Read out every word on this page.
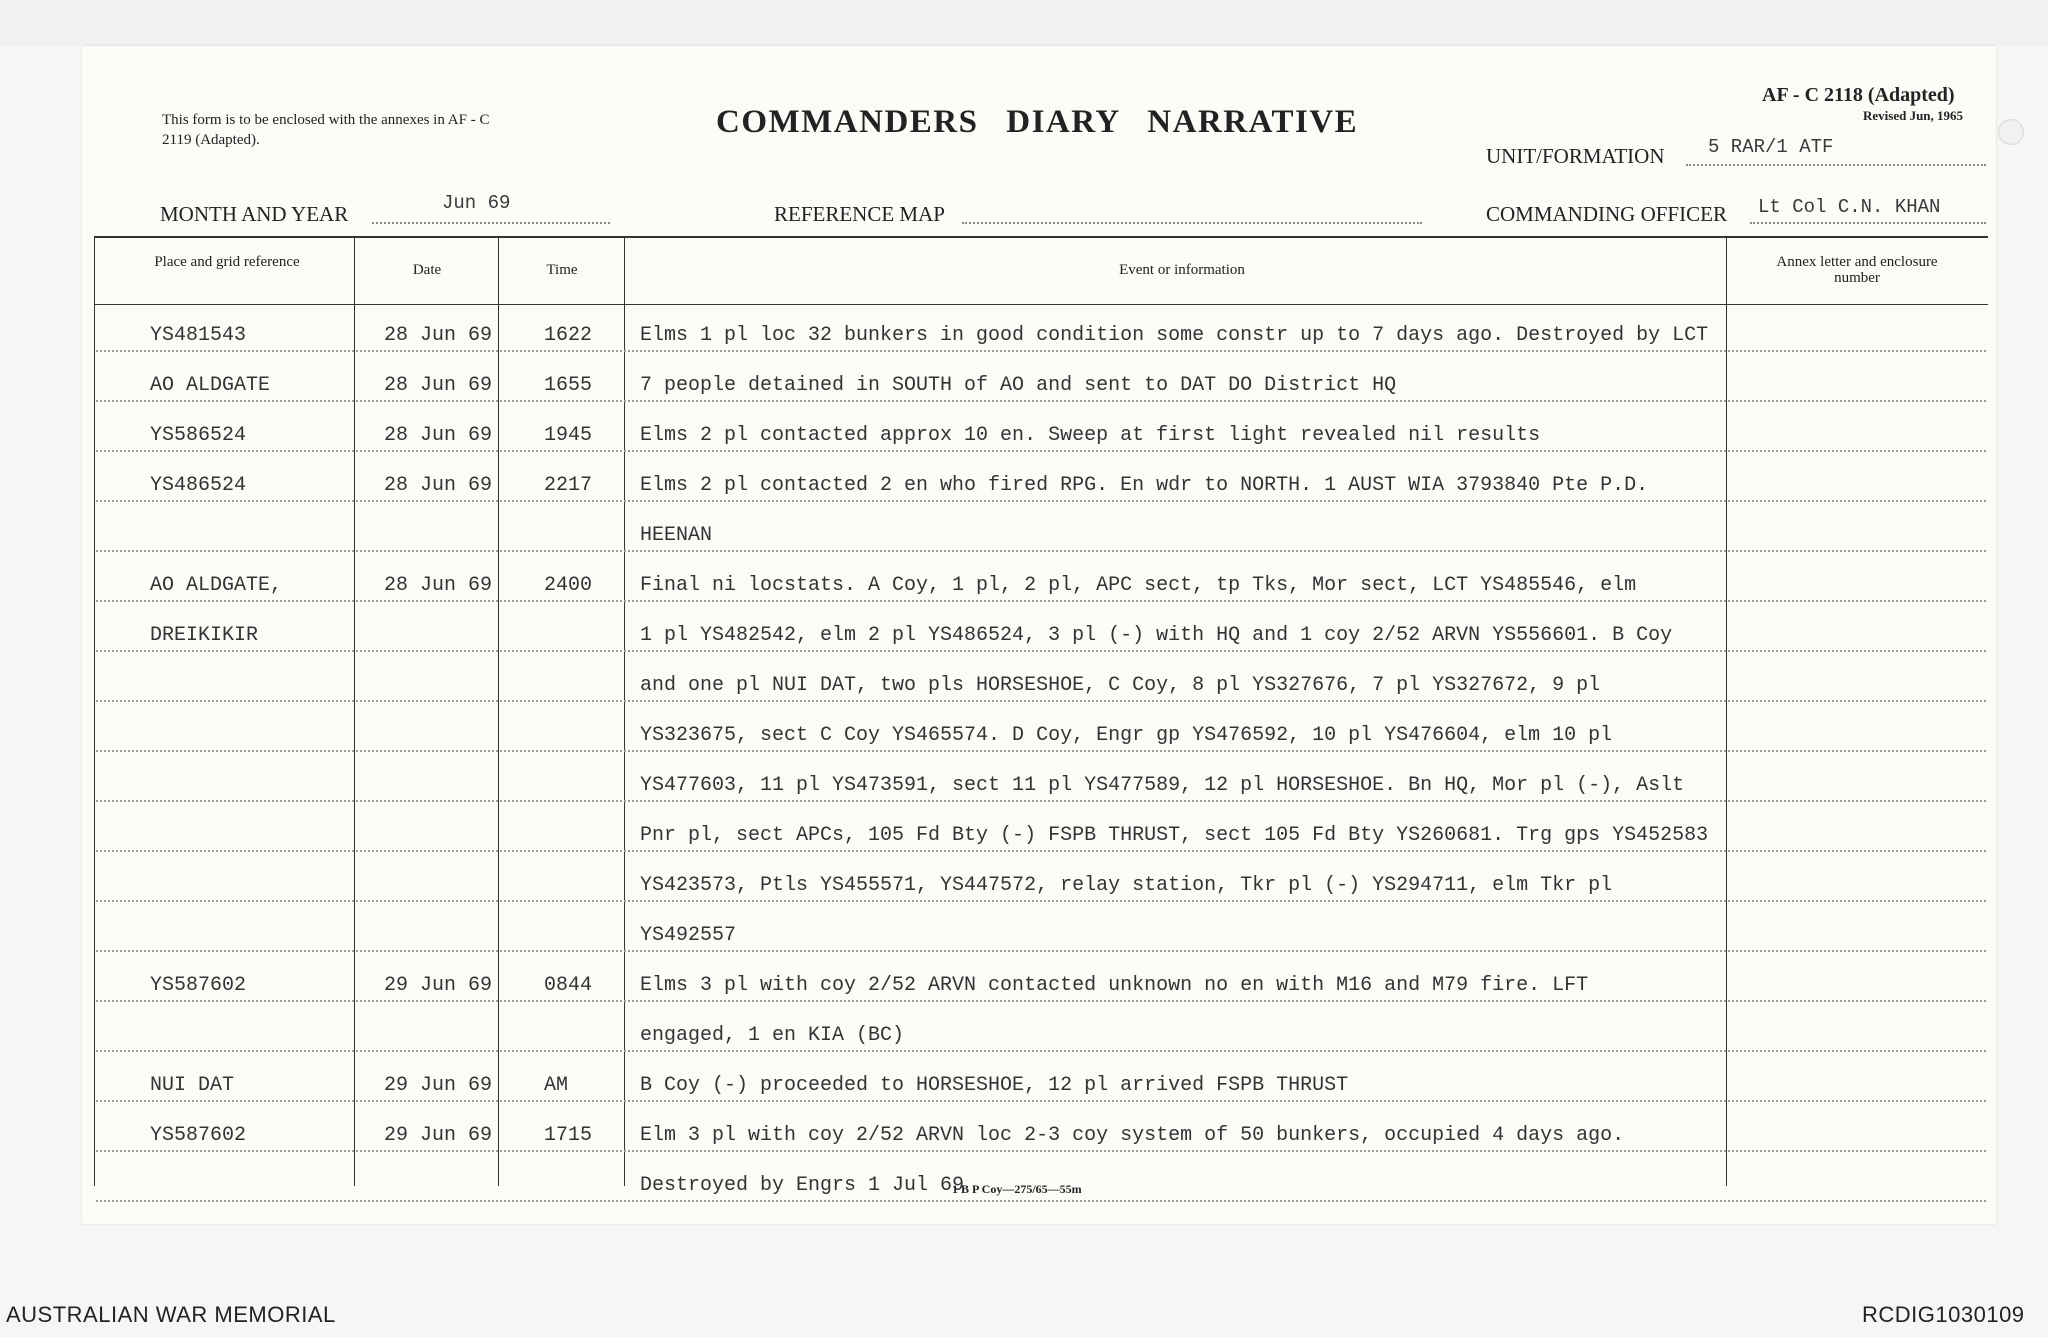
This form is to be enclosed with the annexes in AF - C 2119 (Adapted).	COMMANDERS DIARY NARRATIVE
AF - C 2118 (Adapted)
Revised Jun, 1965
UNIT/FORMATION 5 RAR/1 ATF
MONTH AND YEAR	Jun 69	REFERENCE MAP	COMMANDING OFFICER Lt Col C.N. KHAN
Place and grid reference	Date	Time	Event or information	Annex letter and enclosure number
YS481543	28 Jun 69	1622 Elms 1 pl loc 32 bunkers in good condition some constr up to 7 days ago. Destroyed by LCT
AO ALDGATE	28 Jun 69	1655 7 people detained in SOUTH of AO and sent to DAT DO District HQ
YS586524	28 Jun 69	1945 Elms 2 pl contacted approx 10 en. Sweep at first light revealed nil results
YS486524	28 Jun 69	2217 Elms 2 pl contacted 2 en who fired RPG. En wdr to NORTH. 1 AUST WIA 3793840 Pte P.D.
HEENAN
AO ALDGATE,	28 Jun 69	2400 Final ni locstats. A Coy, 1 pl, 2 pl, APC sect, tp Tks, Mor sect, LCT YS485546, elm
DREIKIKIR	1 pl YS482542, elm 2 pl YS486524, 3 pl (-) with HQ and 1 coy 2/52 ARVN YS556601. B Coy
and one pl NUI DAT, two pls HORSESHOE, C Coy, 8 pl YS327676, 7 pl YS327672, 9 pl
YS323675, sect C Coy YS465574. D Coy, Engr gp YS476592, 10 pl YS476604, elm 10 pl
YS477603, 11 pl YS473591, sect 11 pl YS477589, 12 pl HORSESHOE. Bn HQ, Mor pl (-), Aslt
Pnr pl, sect APCs, 105 Fd Bty (-) FSPB THRUST, sect 105 Fd Bty YS260681. Trg gps YS452583
YS423573, Ptls YS455571, YS447572, relay station, Tkr pl (-) YS294711, elm Tkr pl
YS492557
YS587602	29 Jun 69	0844 Elms 3 pl with coy 2/52 ARVN contacted unknown no en with M16 and M79 fire. LFT
engaged, 1 en KIA (BC)
NUI DAT	29 Jun 69	AM	B Coy (-) proceeded to HORSESHOE, 12 pl arrived FSPB THRUST
YS587602	29 Jun 69	1715 Elm 3 pl with coy 2/52 ARVN loc 2-3 coy system of 50 bunkers, occupied 4 days ago.
Destroyed by Engrs 1 Jul 69
1 B P Coy—275/65—55m
AUSTRALIAN WAR MEMORIAL	RCDIG1030109
